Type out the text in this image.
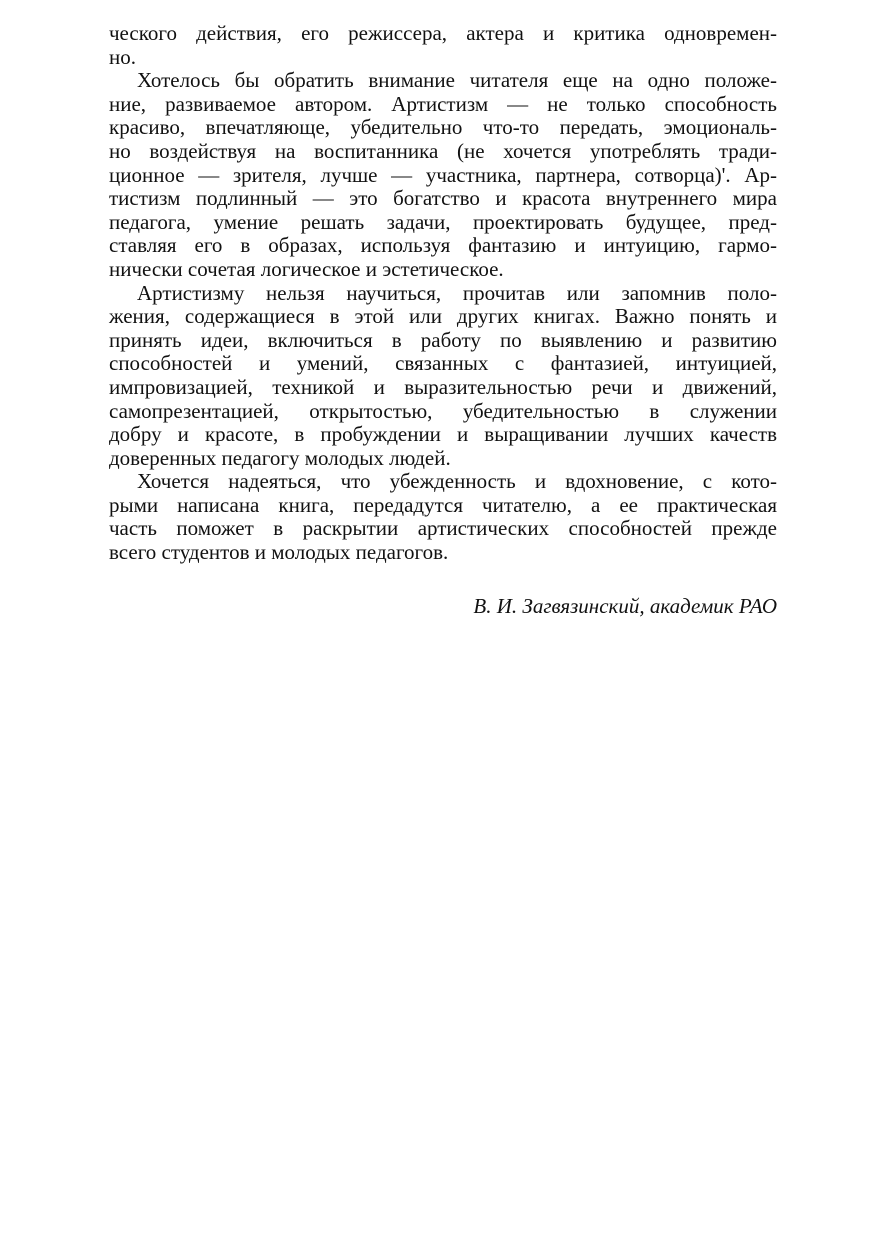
ческого действия, его режиссера, актера и критика одновремен-
но.
Хотелось бы обратить внимание читателя еще на одно положе-
ние, развиваемое автором. Артистизм — не только способность
красиво, впечатляюще, убедительно что-то передать, эмоциональ-
но воздействуя на воспитанника (не хочется употреблять тради-
ционное — зрителя, лучше — участника, партнера, сотворца)'. Ар-
тистизм подлинный — это богатство и красота внутреннего мира
педагога, умение решать задачи, проектировать будущее, пред-
ставляя его в образах, используя фантазию и интуицию, гармо-
нически сочетая логическое и эстетическое.
Артистизму нельзя научиться, прочитав или запомнив поло-
жения, содержащиеся в этой или других книгах. Важно понять и
принять идеи, включиться в работу по выявлению и развитию
способностей и умений, связанных с фантазией, интуицией,
импровизацией, техникой и выразительностью речи и движений,
самопрезентацией, открытостью, убедительностью в служении
добру и красоте, в пробуждении и выращивании лучших качеств
доверенных педагогу молодых людей.
Хочется надеяться, что убежденность и вдохновение, с кото-
рыми написана книга, передадутся читателю, а ее практическая
часть поможет в раскрытии артистических способностей прежде
всего студентов и молодых педагогов.
В. И. Загвязинский, академик РАО
